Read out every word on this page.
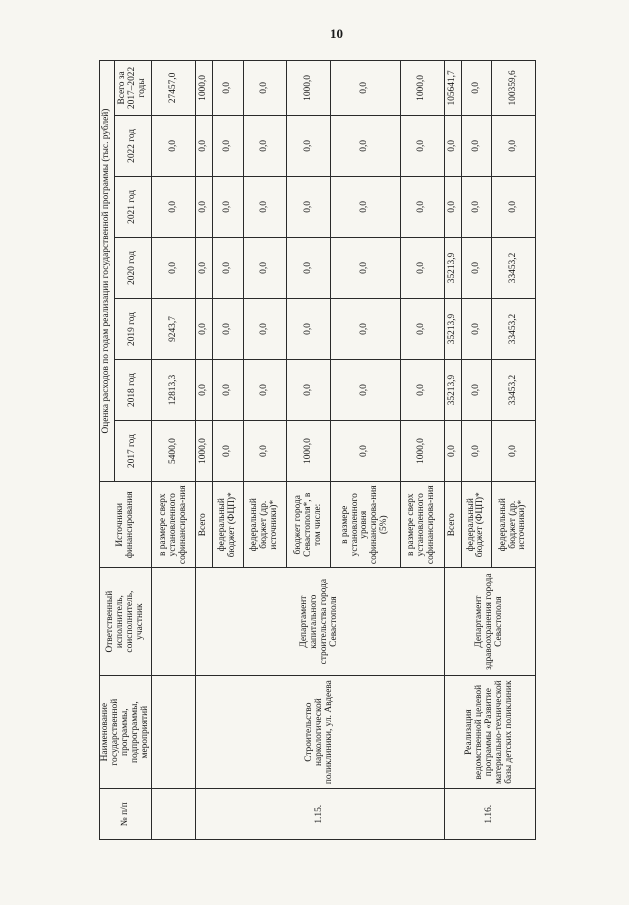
10
№ п/п	Наименование государственной программы, подпрограммы, мероприятий	Ответственный исполнитель, соисполнитель, участник	Источники финансирования	Оценка расходов по годам реализации государственной программы (тыс. рублей)						
				2017 год	2018 год	2019 год	2020 год	2021 год	2022 год	Всего за 2017–2022 годы
			в размере сверх установленного софинансирова-ния	5400,0	12813,3	9243,7	0,0	0,0	0,0	27457,0
1.15.	Строительство наркологической поликлиники, ул. Авдеева	Департамент капитального строительства города Севастополя	Всего	1000,0	0,0	0,0	0,0	0,0	0,0	1000,0
			федеральный бюджет (ФЦП)*	0,0	0,0	0,0	0,0	0,0	0,0	0,0
			федеральный бюджет (др. источники)*	0,0	0,0	0,0	0,0	0,0	0,0	0,0
			бюджет города Севастополя*, в том числе:	1000,0	0,0	0,0	0,0	0,0	0,0	1000,0
			в размере установленного уровня софинансирова-ния (5%)	0,0	0,0	0,0	0,0	0,0	0,0	0,0
			в размере сверх установленного софинансирова-ния	1000,0	0,0	0,0	0,0	0,0	0,0	1000,0
1.16.	Реализация ведомственной целевой программы «Развитие материально-технической базы детских поликлиник	Департамент здравоохранения города Севастополя	Всего	0,0	35213,9	35213,9	35213,9	0,0	0,0	105641,7
			федеральный бюджет (ФЦП)*	0,0	0,0	0,0	0,0	0,0	0,0	0,0
			федеральный бюджет (др. источники)*	0,0	33453,2	33453,2	33453,2	0,0	0,0	100359,6
